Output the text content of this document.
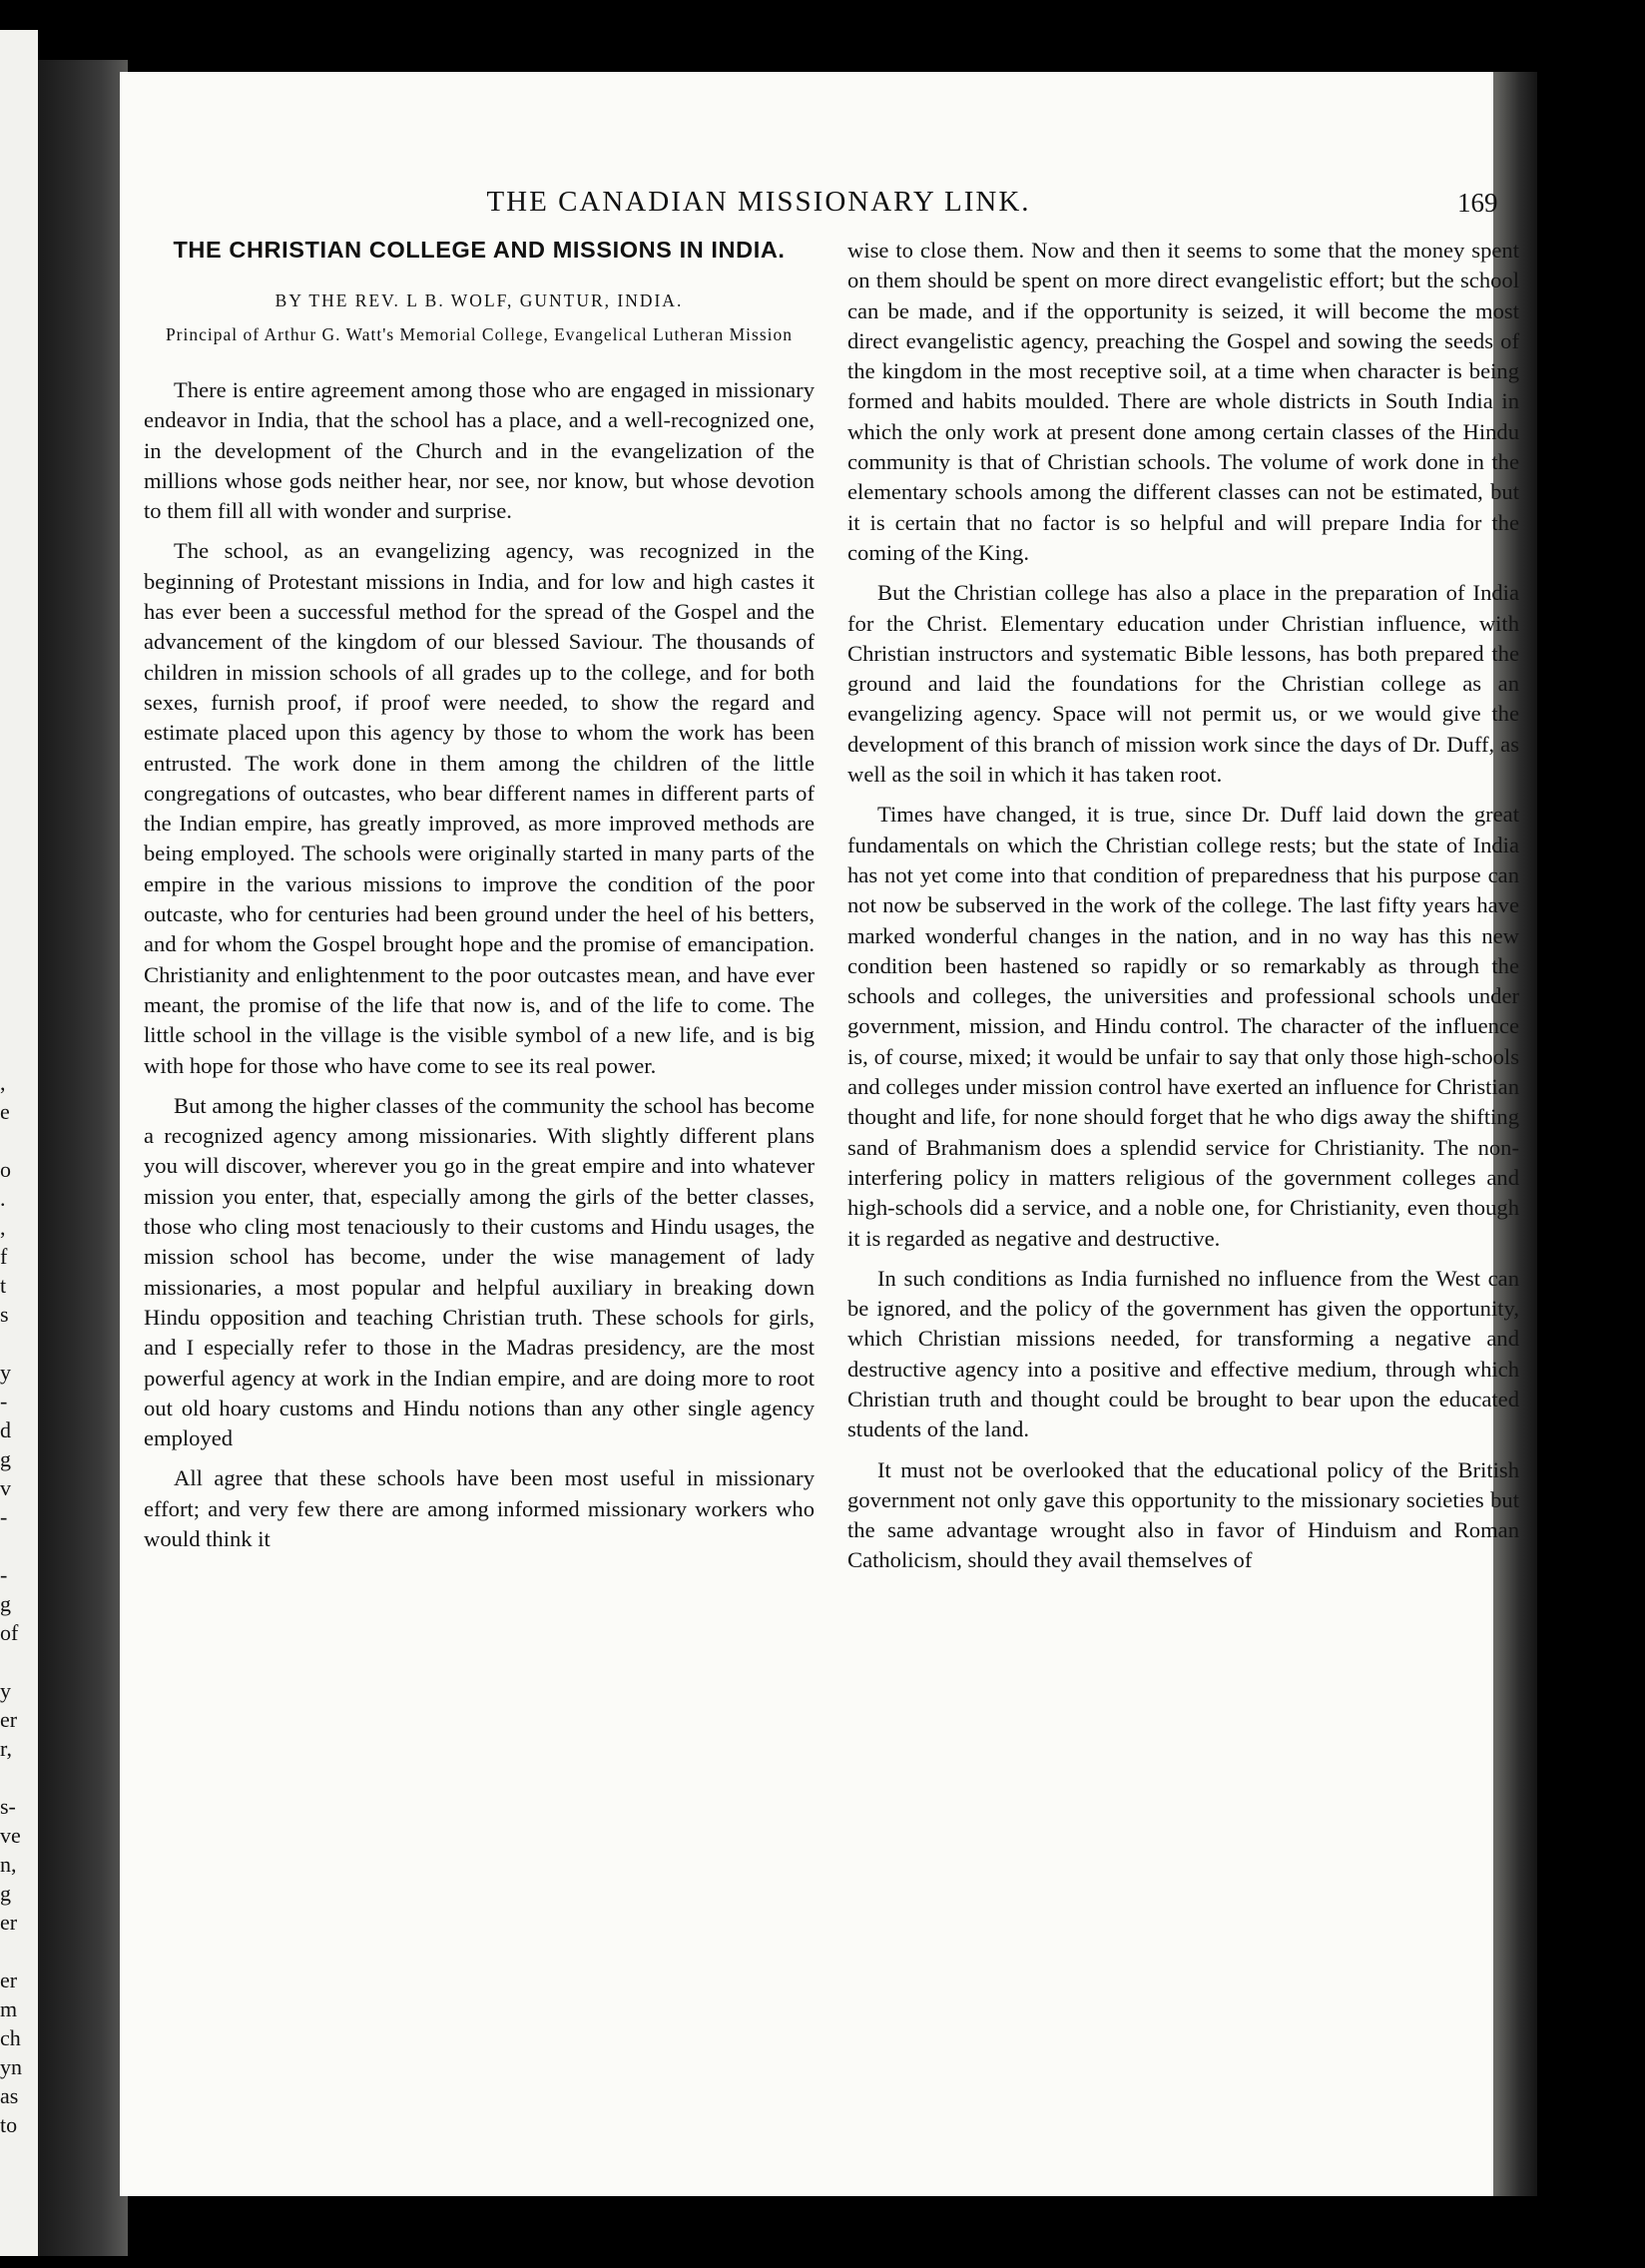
,
e
o
.
,
f
t
s
y
-
d
g
v
-
-
g
of
y
er
r,
s-
ve
n,
g
er
er
m
ch
yn
as
to
THE CANADIAN MISSIONARY LINK.	169
THE CHRISTIAN COLLEGE AND MISSIONS IN INDIA.
BY THE REV. L B. WOLF, GUNTUR, INDIA.
Principal of Arthur G. Watt's Memorial College, Evangelical Lutheran Mission

There is entire agreement among those who are engaged in missionary endeavor in India, that the school has a place, and a well-recognized one, in the development of the Church and in the evangelization of the millions whose gods neither hear, nor see, nor know, but whose devotion to them fill all with wonder and surprise.

The school, as an evangelizing agency, was recognized in the beginning of Protestant missions in India, and for low and high castes it has ever been a successful method for the spread of the Gospel and the advancement of the kingdom of our blessed Saviour. The thousands of children in mission schools of all grades up to the college, and for both sexes, furnish proof, if proof were needed, to show the regard and estimate placed upon this agency by those to whom the work has been entrusted. The work done in them among the children of the little congregations of outcastes, who bear different names in different parts of the Indian empire, has greatly improved, as more improved methods are being employed. The schools were originally started in many parts of the empire in the various missions to improve the condition of the poor outcaste, who for centuries had been ground under the heel of his betters, and for whom the Gospel brought hope and the promise of emancipation. Christianity and enlightenment to the poor outcastes mean, and have ever meant, the promise of the life that now is, and of the life to come. The little school in the village is the visible symbol of a new life, and is big with hope for those who have come to see its real power.

But among the higher classes of the community the school has become a recognized agency among missionaries. With slightly different plans you will discover, wherever you go in the great empire and into whatever mission you enter, that, especially among the girls of the better classes, those who cling most tenaciously to their customs and Hindu usages, the mission school has become, under the wise management of lady missionaries, a most popular and helpful auxiliary in breaking down Hindu opposition and teaching Christian truth. These schools for girls, and I especially refer to those in the Madras presidency, are the most powerful agency at work in the Indian empire, and are doing more to root out old hoary customs and Hindu notions than any other single agency employed

All agree that these schools have been most useful in missionary effort; and very few there are among informed missionary workers who would think it

wise to close them. Now and then it seems to some that the money spent on them should be spent on more direct evangelistic effort; but the school can be made, and if the opportunity is seized, it will become the most direct evangelistic agency, preaching the Gospel and sowing the seeds of the kingdom in the most receptive soil, at a time when character is being formed and habits moulded. There are whole districts in South India in which the only work at present done among certain classes of the Hindu community is that of Christian schools. The volume of work done in the elementary schools among the different classes can not be estimated, but it is certain that no factor is so helpful and will prepare India for the coming of the King.

But the Christian college has also a place in the preparation of India for the Christ. Elementary education under Christian influence, with Christian instructors and systematic Bible lessons, has both prepared the ground and laid the foundations for the Christian college as an evangelizing agency. Space will not permit us, or we would give the development of this branch of mission work since the days of Dr. Duff, as well as the soil in which it has taken root.

Times have changed, it is true, since Dr. Duff laid down the great fundamentals on which the Christian college rests; but the state of India has not yet come into that condition of preparedness that his purpose can not now be subserved in the work of the college. The last fifty years have marked wonderful changes in the nation, and in no way has this new condition been hastened so rapidly or so remarkably as through the schools and colleges, the universities and professional schools under government, mission, and Hindu control. The character of the influence is, of course, mixed; it would be unfair to say that only those high-schools and colleges under mission control have exerted an influence for Christian thought and life, for none should forget that he who digs away the shifting sand of Brahmanism does a splendid service for Christianity. The non-interfering policy in matters religious of the government colleges and high-schools did a service, and a noble one, for Christianity, even though it is regarded as negative and destructive.

In such conditions as India furnished no influence from the West can be ignored, and the policy of the government has given the opportunity, which Christian missions needed, for transforming a negative and destructive agency into a positive and effective medium, through which Christian truth and thought could be brought to bear upon the educated students of the land.

It must not be overlooked that the educational policy of the British government not only gave this opportunity to the missionary societies but the same advantage wrought also in favor of Hinduism and Roman Catholicism, should they avail themselves of
